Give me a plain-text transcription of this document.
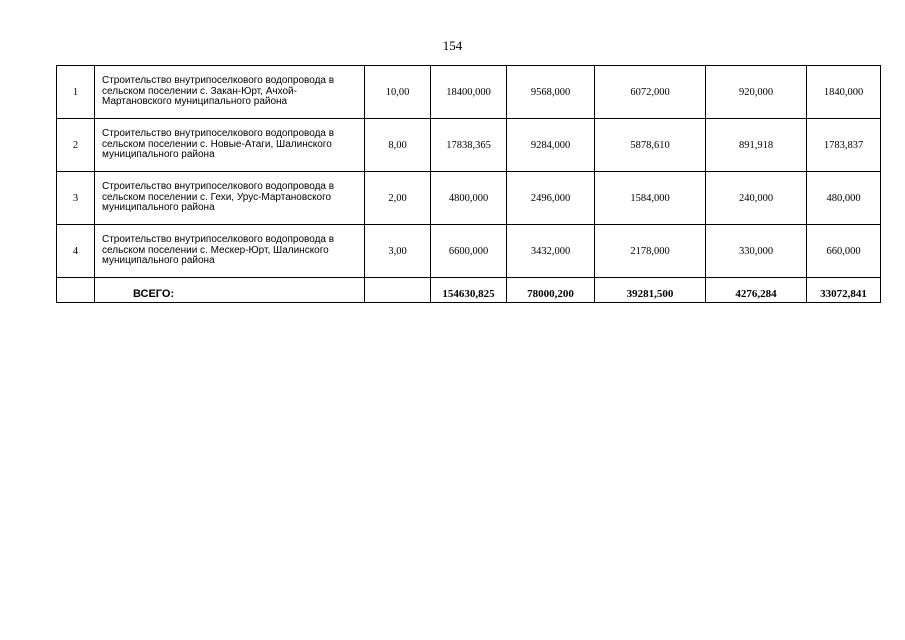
154
1	Строительство внутрипоселкового водопровода в сельском поселении с. Закан-Юрт, Ачхой-Мартановского муниципального района	10,00	18400,000	9568,000	6072,000	920,000	1840,000
2	Строительство внутрипоселкового водопровода в сельском поселении с. Новые-Атаги, Шалинского муниципального района	8,00	17838,365	9284,000	5878,610	891,918	1783,837
3	Строительство внутрипоселкового водопровода в сельском поселении с. Гехи, Урус-Мартановского муниципального района	2,00	4800,000	2496,000	1584,000	240,000	480,000
4	Строительство внутрипоселкового водопровода в сельском поселении с. Мескер-Юрт, Шалинского муниципального района	3,00	6600,000	3432,000	2178,000	330,000	660,000
	ВСЕГО:		154630,825	78000,200	39281,500	4276,284	33072,841
